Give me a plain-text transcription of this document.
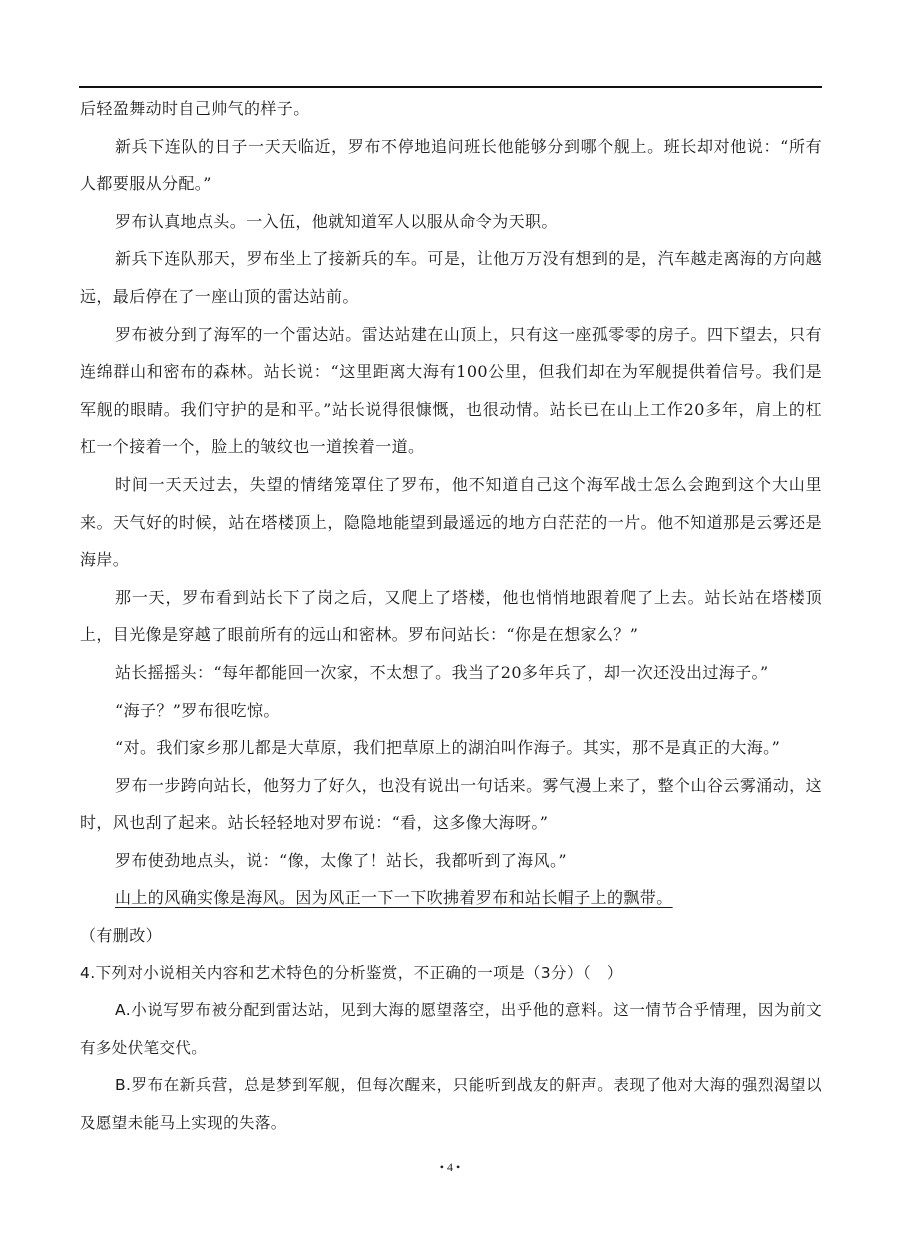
后轻盈舞动时自己帅气的样子。

新兵下连队的日子一天天临近，罗布不停地追问班长他能够分到哪个舰上。班长却对他说：“所有人都要服从分配。”

罗布认真地点头。一入伍，他就知道军人以服从命令为天职。

新兵下连队那天，罗布坐上了接新兵的车。可是，让他万万没有想到的是，汽车越走离海的方向越远，最后停在了一座山顶的雷达站前。

罗布被分到了海军的一个雷达站。雷达站建在山顶上，只有这一座孤零零的房子。四下望去，只有连绵群山和密布的森林。站长说：“这里距离大海有100公里，但我们却在为军舰提供着信号。我们是军舰的眼睛。我们守护的是和平。”站长说得很慷慨，也很动情。站长已在山上工作20多年，肩上的杠杠一个接着一个，脸上的皱纹也一道挨着一道。

时间一天天过去，失望的情绪笼罩住了罗布，他不知道自己这个海军战士怎么会跑到这个大山里来。天气好的时候，站在塔楼顶上，隐隐地能望到最遥远的地方白茫茫的一片。他不知道那是云雾还是海岸。

那一天，罗布看到站长下了岗之后，又爬上了塔楼，他也悄悄地跟着爬了上去。站长站在塔楼顶上，目光像是穿越了眼前所有的远山和密林。罗布问站长：“你是在想家么？”

站长摇摇头：“每年都能回一次家，不太想了。我当了20多年兵了，却一次还没出过海子。”

“海子？”罗布很吃惊。

“对。我们家乡那儿都是大草原，我们把草原上的湖泊叫作海子。其实，那不是真正的大海。”

罗布一步跨向站长，他努力了好久，也没有说出一句话来。雾气漫上来了，整个山谷云雾涌动，这时，风也刮了起来。站长轻轻地对罗布说：“看，这多像大海呀。”

罗布使劲地点头，说：“像，太像了！站长，我都听到了海风。”

山上的风确实像是海风。因为风正一下一下吹拂着罗布和站长帽子上的飘带。

（有删改）

4.下列对小说相关内容和艺术特色的分析鉴赏，不正确的一项是（3分）（　）

A.小说写罗布被分配到雷达站，见到大海的愿望落空，出乎他的意料。这一情节合乎情理，因为前文有多处伏笔交代。

B.罗布在新兵营，总是梦到军舰，但每次醒来，只能听到战友的鼾声。表现了他对大海的强烈渴望以及愿望未能马上实现的失落。

• 4 •
